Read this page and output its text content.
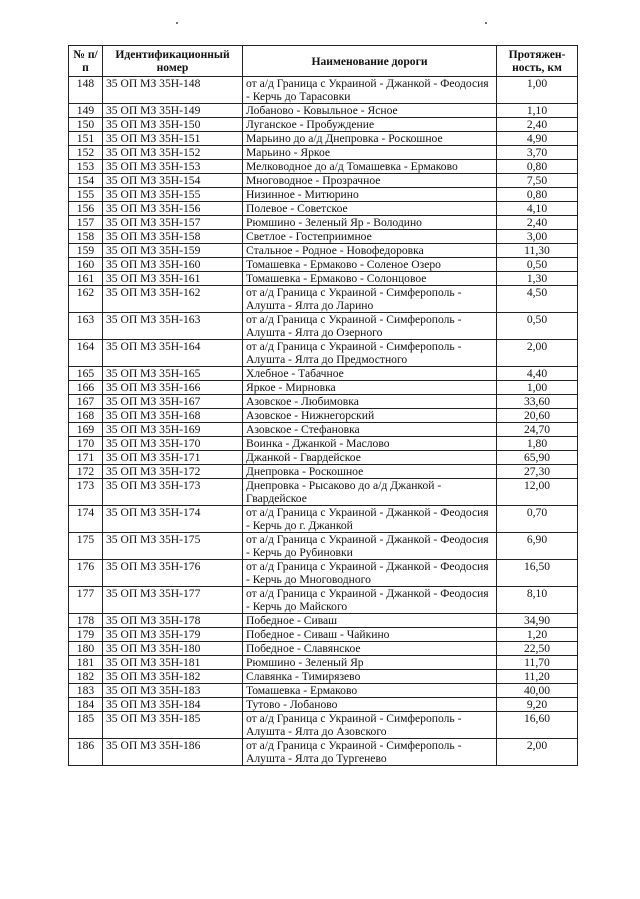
№ п/п	Идентификационный номер	Наименование дороги	Протяжен-ность, км
148	35 ОП МЗ 35Н-148	от а/д Граница с Украиной - Джанкой - Феодосия - Керчь до Тарасовки	1,00
149	35 ОП МЗ 35Н-149	Лобаново - Ковыльное - Ясное	1,10
150	35 ОП МЗ 35Н-150	Луганское - Пробуждение	2,40
151	35 ОП МЗ 35Н-151	Марьино до а/д Днепровка - Роскошное	4,90
152	35 ОП МЗ 35Н-152	Марьино - Яркое	3,70
153	35 ОП МЗ 35Н-153	Мелководное до а/д Томашевка - Ермаково	0,80
154	35 ОП МЗ 35Н-154	Многоводное - Прозрачное	7,50
155	35 ОП МЗ 35Н-155	Низинное - Митюрино	0,80
156	35 ОП МЗ 35Н-156	Полевое - Советское	4,10
157	35 ОП МЗ 35Н-157	Рюмшино - Зеленый Яр - Володино	2,40
158	35 ОП МЗ 35Н-158	Светлое - Гостеприимное	3,00
159	35 ОП МЗ 35Н-159	Стальное - Родное - Новофедоровка	11,30
160	35 ОП МЗ 35Н-160	Томашевка - Ермаково - Соленое Озеро	0,50
161	35 ОП МЗ 35Н-161	Томашевка - Ермаково - Солонцовое	1,30
162	35 ОП МЗ 35Н-162	от а/д Граница с Украиной - Симферополь - Алушта - Ялта до Ларино	4,50
163	35 ОП МЗ 35Н-163	от а/д Граница с Украиной - Симферополь - Алушта - Ялта до Озерного	0,50
164	35 ОП МЗ 35Н-164	от а/д Граница с Украиной - Симферополь - Алушта - Ялта до Предмостного	2,00
165	35 ОП МЗ 35Н-165	Хлебное - Табачное	4,40
166	35 ОП МЗ 35Н-166	Яркое - Мирновка	1,00
167	35 ОП МЗ 35Н-167	Азовское - Любимовка	33,60
168	35 ОП МЗ 35Н-168	Азовское - Нижнегорский	20,60
169	35 ОП МЗ 35Н-169	Азовское - Стефановка	24,70
170	35 ОП МЗ 35Н-170	Воинка - Джанкой - Маслово	1,80
171	35 ОП МЗ 35Н-171	Джанкой - Гвардейское	65,90
172	35 ОП МЗ 35Н-172	Днепровка - Роскошное	27,30
173	35 ОП МЗ 35Н-173	Днепровка - Рысаково до а/д Джанкой - Гвардейское	12,00
174	35 ОП МЗ 35Н-174	от а/д Граница с Украиной - Джанкой - Феодосия - Керчь до г. Джанкой	0,70
175	35 ОП МЗ 35Н-175	от а/д Граница с Украиной - Джанкой - Феодосия - Керчь до Рубиновки	6,90
176	35 ОП МЗ 35Н-176	от а/д Граница с Украиной - Джанкой - Феодосия - Керчь до Многоводного	16,50
177	35 ОП МЗ 35Н-177	от а/д Граница с Украиной - Джанкой - Феодосия - Керчь до Майского	8,10
178	35 ОП МЗ 35Н-178	Победное - Сиваш	34,90
179	35 ОП МЗ 35Н-179	Победное - Сиваш - Чайкино	1,20
180	35 ОП МЗ 35Н-180	Победное - Славянское	22,50
181	35 ОП МЗ 35Н-181	Рюмшино - Зеленый Яр	11,70
182	35 ОП МЗ 35Н-182	Славянка - Тимирязево	11,20
183	35 ОП МЗ 35Н-183	Томашевка - Ермаково	40,00
184	35 ОП МЗ 35Н-184	Тутово - Лобаново	9,20
185	35 ОП МЗ 35Н-185	от а/д Граница с Украиной - Симферополь - Алушта - Ялта до Азовского	16,60
186	35 ОП МЗ 35Н-186	от а/д Граница с Украиной - Симферополь - Алушта - Ялта до Тургенево	2,00
